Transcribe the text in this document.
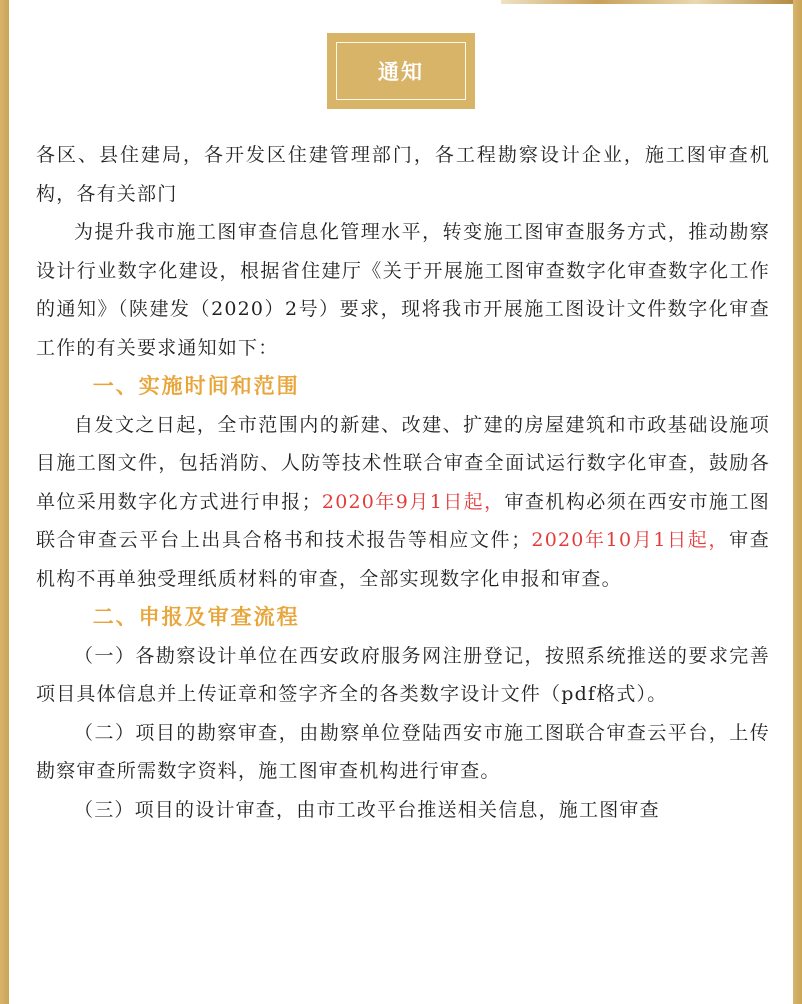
通知

各区、县住建局，各开发区住建管理部门，各工程勘察设计企业，施工图审查机构，各有关部门

为提升我市施工图审查信息化管理水平，转变施工图审查服务方式，推动勘察设计行业数字化建设，根据省住建厅《关于开展施工图审查数字化审查数字化工作的通知》（陕建发（2020）2号）要求，现将我市开展施工图设计文件数字化审查工作的有关要求通知如下：

一、实施时间和范围

自发文之日起，全市范围内的新建、改建、扩建的房屋建筑和市政基础设施项目施工图文件，包括消防、人防等技术性联合审查全面试运行数字化审查，鼓励各单位采用数字化方式进行申报；2020年9月1日起，审查机构必须在西安市施工图联合审查云平台上出具合格书和技术报告等相应文件；2020年10月1日起，审查机构不再单独受理纸质材料的审查，全部实现数字化申报和审查。

二、申报及审查流程

（一）各勘察设计单位在西安政府服务网注册登记，按照系统推送的要求完善项目具体信息并上传证章和签字齐全的各类数字设计文件（pdf格式）。

（二）项目的勘察审查，由勘察单位登陆西安市施工图联合审查云平台，上传勘察审查所需数字资料，施工图审查机构进行审查。

（三）项目的设计审查，由市工改平台推送相关信息，施工图审查
